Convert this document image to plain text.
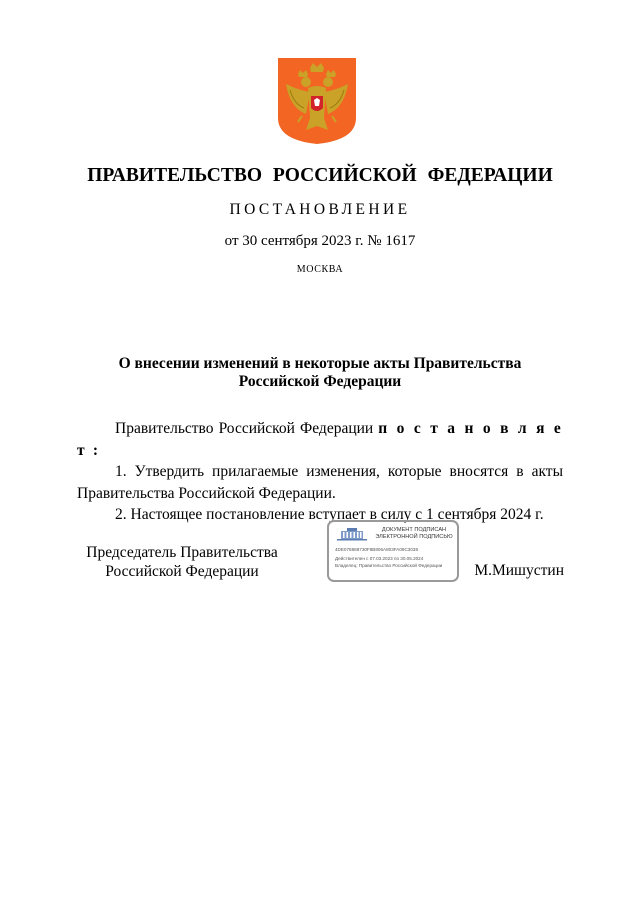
ПРАВИТЕЛЬСТВО РОССИЙСКОЙ ФЕДЕРАЦИИ
ПОСТАНОВЛЕНИЕ
от 30 сентября 2023 г. № 1617
МОСКВА
О внесении изменений в некоторые акты Правительства
Российской Федерации

Правительство Российской Федерации п о с т а н о в л я е т :

1. Утвердить прилагаемые изменения, которые вносятся в акты Правительства Российской Федерации.

2. Настоящее постановление вступает в силу с 1 сентября 2024 г.

Председатель Правительства
Российской Федерации
ДОКУМЕНТ ПОДПИСАН
ЭЛЕКТРОННОЙ ПОДПИСЬЮ
4DE078888730F8B806A803FA09C3038
Действителен с 07.03.2023 по 30.05.2024
Владелец: Правительство Российской Федерации	М.Мишустин
